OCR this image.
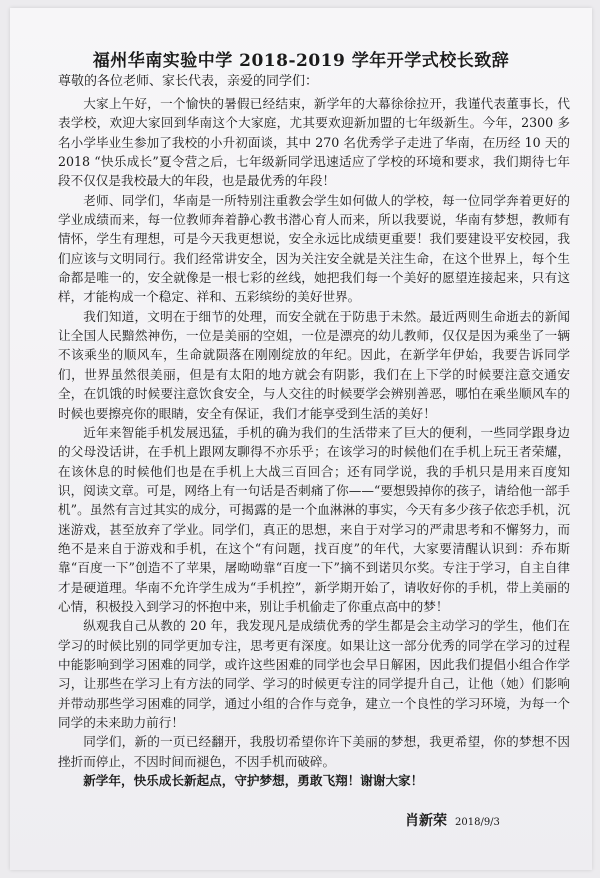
福州华南实验中学 2018-2019 学年开学式校长致辞
尊敬的各位老师、家长代表，亲爱的同学们：

大家上午好，一个愉快的暑假已经结束，新学年的大幕徐徐拉开，我谨代表董事长，代表学校，欢迎大家回到华南这个大家庭，尤其要欢迎新加盟的七年级新生。今年，2300 多名小学毕业生参加了我校的小升初面谈，其中 270 名优秀学子走进了华南，在历经 10 天的 2018 “快乐成长”夏令营之后，七年级新同学迅速适应了学校的环境和要求，我们期待七年段不仅仅是我校最大的年段，也是最优秀的年段！

老师、同学们，华南是一所特别注重教会学生如何做人的学校，每一位同学奔着更好的学业成绩而来，每一位教师奔着静心教书潜心育人而来，所以我要说，华南有梦想，教师有情怀，学生有理想，可是今天我更想说，安全永远比成绩更重要！我们要建设平安校园，我们应该与文明同行。我们经常讲安全，因为关注安全就是关注生命，在这个世界上，每个生命都是唯一的，安全就像是一根七彩的丝线，她把我们每一个美好的愿望连接起来，只有这样，才能构成一个稳定、祥和、五彩缤纷的美好世界。

我们知道，文明在于细节的处理，而安全就在于防患于未然。最近两则生命逝去的新闻让全国人民黯然神伤，一位是美丽的空姐，一位是漂亮的幼儿教师，仅仅是因为乘坐了一辆不该乘坐的顺风车，生命就陨落在刚刚绽放的年纪。因此，在新学年伊始，我要告诉同学们，世界虽然很美丽，但是有太阳的地方就会有阴影，我们在上下学的时候要注意交通安全，在饥饿的时候要注意饮食安全，与人交往的时候要学会辨别善恶，哪怕在乘坐顺风车的时候也要擦亮你的眼睛，安全有保证，我们才能享受到生活的美好！

近年来智能手机发展迅猛，手机的确为我们的生活带来了巨大的便利，一些同学跟身边的父母没话讲，在手机上跟网友聊得不亦乐乎；在该学习的时候他们在手机上玩王者荣耀，在该休息的时候他们也是在手机上大战三百回合；还有同学说，我的手机只是用来百度知识，阅读文章。可是，网络上有一句话是否刺痛了你——“要想毁掉你的孩子，请给他一部手机”。虽然有言过其实的成分，可揭露的是一个血淋淋的事实，今天有多少孩子依恋手机，沉迷游戏，甚至放弃了学业。同学们，真正的思想，来自于对学习的严肃思考和不懈努力，而绝不是来自于游戏和手机，在这个“有问题，找百度”的年代，大家要清醒认识到：乔布斯靠“百度一下”创造不了苹果，屠呦呦靠“百度一下”摘不到诺贝尔奖。专注于学习，自主自律才是硬道理。华南不允许学生成为“手机控”，新学期开始了，请收好你的手机，带上美丽的心情，积极投入到学习的怀抱中来，别让手机偷走了你重点高中的梦！

纵观我自己从教的 20 年，我发现凡是成绩优秀的学生都是会主动学习的学生，他们在学习的时候比别的同学更加专注，思考更有深度。如果让这一部分优秀的同学在学习的过程中能影响到学习困难的同学，或许这些困难的同学也会早日解困，因此我们提倡小组合作学习，让那些在学习上有方法的同学、学习的时候更专注的同学提升自己，让他（她）们影响并带动那些学习困难的同学，通过小组的合作与竞争，建立一个良性的学习环境，为每一个同学的未来助力前行！

同学们，新的一页已经翻开，我殷切希望你许下美丽的梦想，我更希望，你的梦想不因挫折而停止，不因时间而褪色，不因手机而破碎。

新学年，快乐成长新起点，守护梦想，勇敢飞翔！谢谢大家！

肖新荣 2018/9/3
